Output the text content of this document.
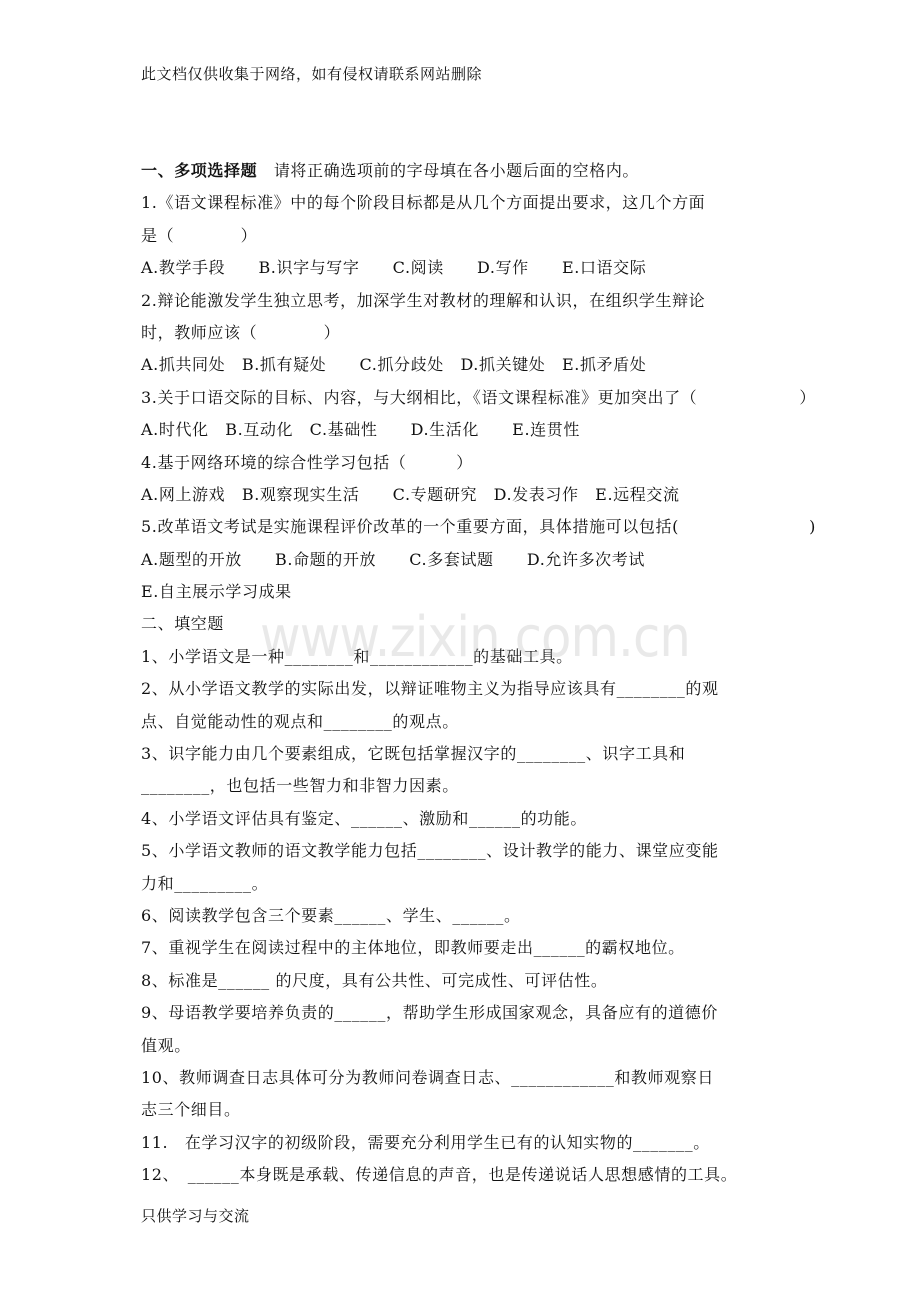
此文档仅供收集于网络，如有侵权请联系网站删除
一、多项选择题　 请将正确选项前的字母填在各小题后面的空格内。
1.《语文课程标准》中的每个阶段目标都是从几个方面提出要求，这几个方面
是（　　　　）
A.教学手段　　B.识字与写字　　C.阅读　　D.写作　　E.口语交际
2.辩论能激发学生独立思考，加深学生对教材的理解和认识，在组织学生辩论
时，教师应该（　　　　）
A.抓共同处　B.抓有疑处　　C.抓分歧处　D.抓关键处　E.抓矛盾处
3.关于口语交际的目标、内容，与大纲相比，《语文课程标准》更加突出了（	）
A.时代化　B.互动化　C.基础性　　D.生活化　　E.连贯性
4.基于网络环境的综合性学习包括（　　　）
A.网上游戏　B.观察现实生活　　C.专题研究　D.发表习作　E.远程交流
5.改革语文考试是实施课程评价改革的一个重要方面，具体措施可以包括(	)
A.题型的开放　　B.命题的开放　　C.多套试题　　D.允许多次考试
E.自主展示学习成果
二、填空题
1、小学语文是一种________和____________的基础工具。
2、从小学语文教学的实际出发，以辩证唯物主义为指导应该具有________的观
点、自觉能动性的观点和________的观点。
3、识字能力由几个要素组成，它既包括掌握汉字的________、识字工具和
________，也包括一些智力和非智力因素。
4、小学语文评估具有鉴定、______、激励和______的功能。
5、小学语文教师的语文教学能力包括________、设计教学的能力、课堂应变能
力和_________。
6、阅读教学包含三个要素______、学生、______。
7、重视学生在阅读过程中的主体地位，即教师要走出______的霸权地位。
8、标准是______ 的尺度，具有公共性、可完成性、可评估性。
9、母语教学要培养负责的______，帮助学生形成国家观念，具备应有的道德价
值观。
10、教师调查日志具体可分为教师问卷调查日志、____________和教师观察日
志三个细目。
11.　在学习汉字的初级阶段，需要充分利用学生已有的认知实物的_______。
12、　______本身既是承载、传递信息的声音，也是传递说话人思想感情的工具。
www.zixin.com.cn
只供学习与交流
